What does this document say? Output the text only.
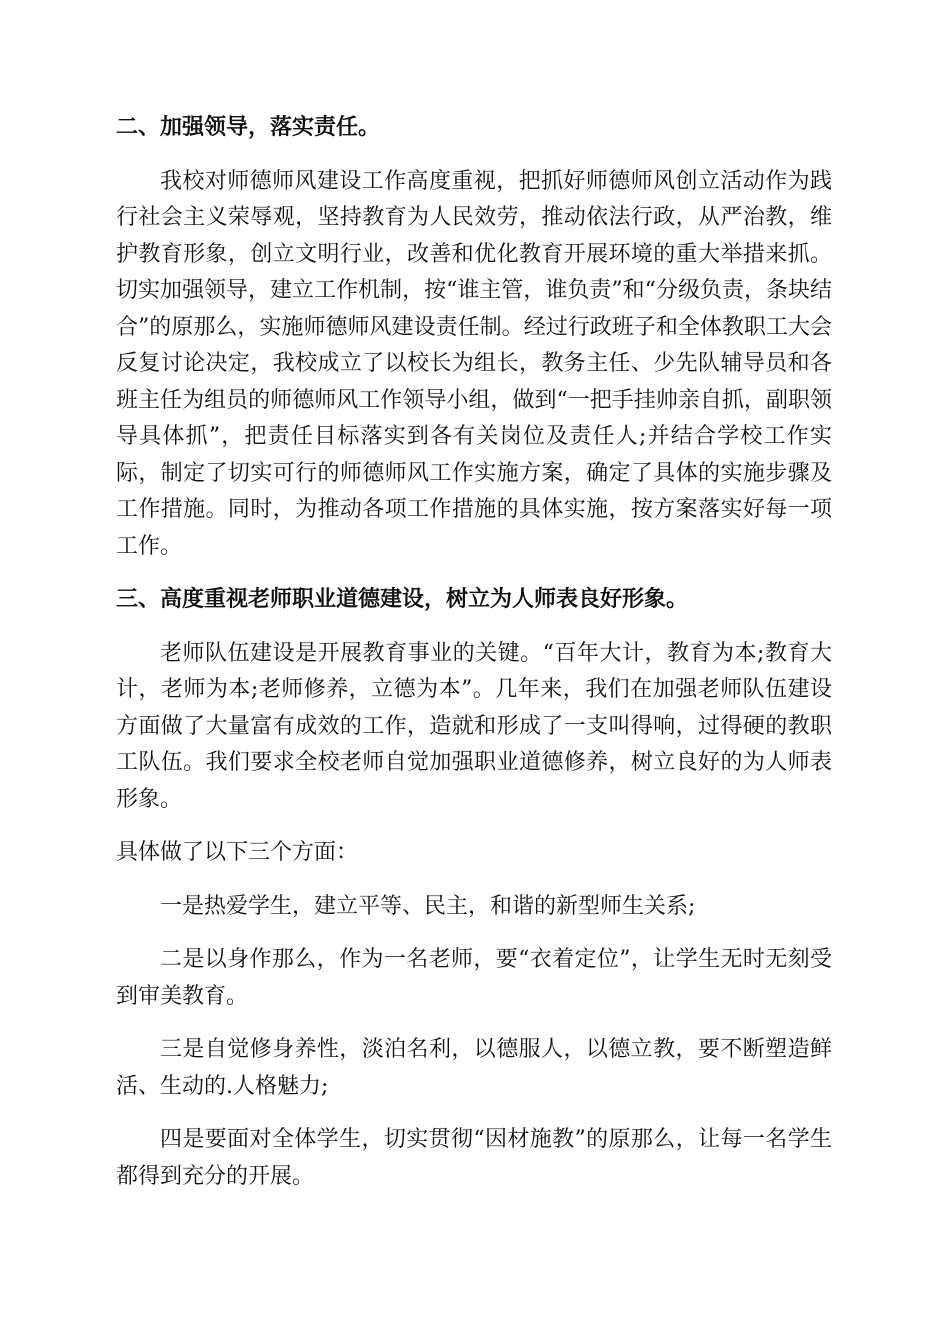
二、加强领导，落实责任。
我校对师德师风建设工作高度重视，把抓好师德师风创立活动作为践行社会主义荣辱观，坚持教育为人民效劳，推动依法行政，从严治教，维护教育形象，创立文明行业，改善和优化教育开展环境的重大举措来抓。切实加强领导，建立工作机制，按“谁主管，谁负责”和“分级负责，条块结合”的原那么，实施师德师风建设责任制。经过行政班子和全体教职工大会反复讨论决定，我校成立了以校长为组长，教务主任、少先队辅导员和各班主任为组员的师德师风工作领导小组，做到“一把手挂帅亲自抓，副职领导具体抓”，把责任目标落实到各有关岗位及责任人;并结合学校工作实际，制定了切实可行的师德师风工作实施方案，确定了具体的实施步骤及工作措施。同时，为推动各项工作措施的具体实施，按方案落实好每一项工作。
三、高度重视老师职业道德建设，树立为人师表良好形象。
老师队伍建设是开展教育事业的关键。“百年大计，教育为本;教育大计，老师为本;老师修养，立德为本”。几年来，我们在加强老师队伍建设方面做了大量富有成效的工作，造就和形成了一支叫得响，过得硬的教职工队伍。我们要求全校老师自觉加强职业道德修养，树立良好的为人师表形象。
具体做了以下三个方面：
一是热爱学生，建立平等、民主，和谐的新型师生关系;
二是以身作那么，作为一名老师，要“衣着定位”，让学生无时无刻受到审美教育。
三是自觉修身养性，淡泊名利，以德服人，以德立教，要不断塑造鲜活、生动的.人格魅力;
四是要面对全体学生，切实贯彻“因材施教”的原那么，让每一名学生都得到充分的开展。
